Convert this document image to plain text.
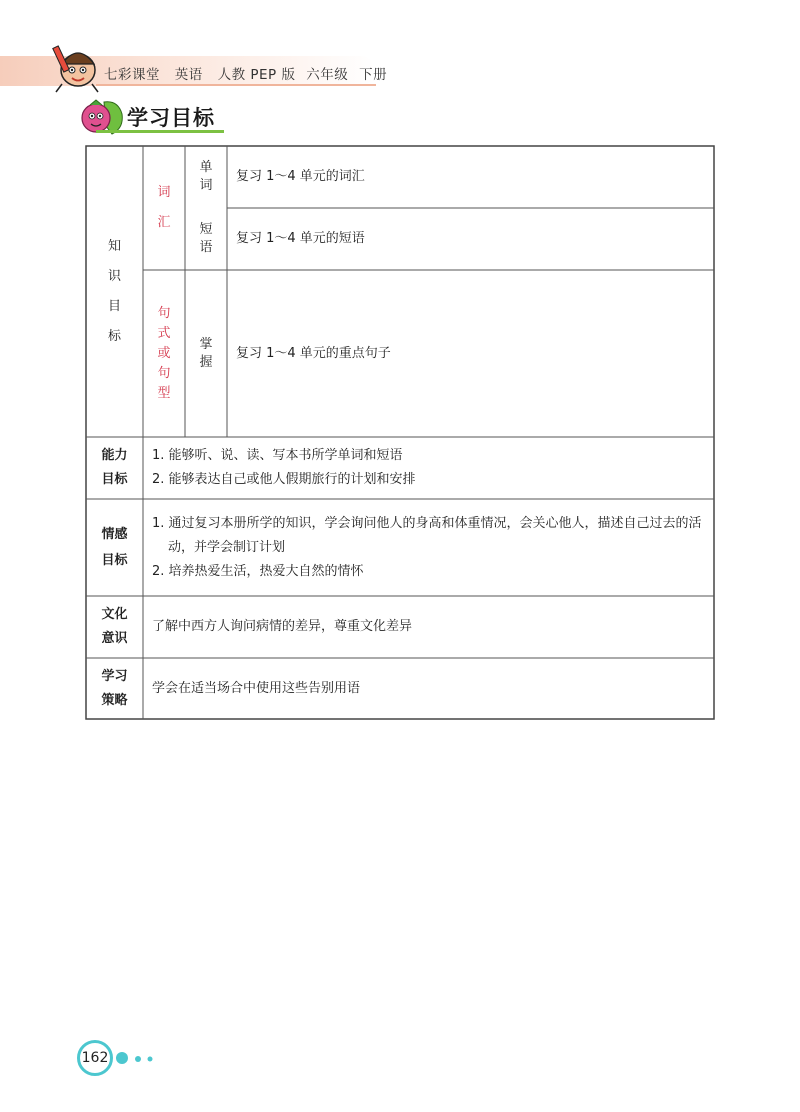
七彩课堂 英语 人教 PEP 版 六年级 下册
学习目标
知识目标
词汇
单词
复习 1～4 单元的词汇
短语
复习 1～4 单元的短语
句式或句型
掌握
复习 1～4 单元的重点句子
能力
目标
1. 能够听、说、读、写本书所学单词和短语
2. 能够表达自己或他人假期旅行的计划和安排
情感
目标
1. 通过复习本册所学的知识，学会询问他人的身高和体重情况，会关心他人，描述自己过去的活动，并学会制订计划
2. 培养热爱生活，热爱大自然的情怀
文化
意识
了解中西方人询问病情的差异，尊重文化差异
学习
策略
学会在适当场合中使用这些告别用语
162
